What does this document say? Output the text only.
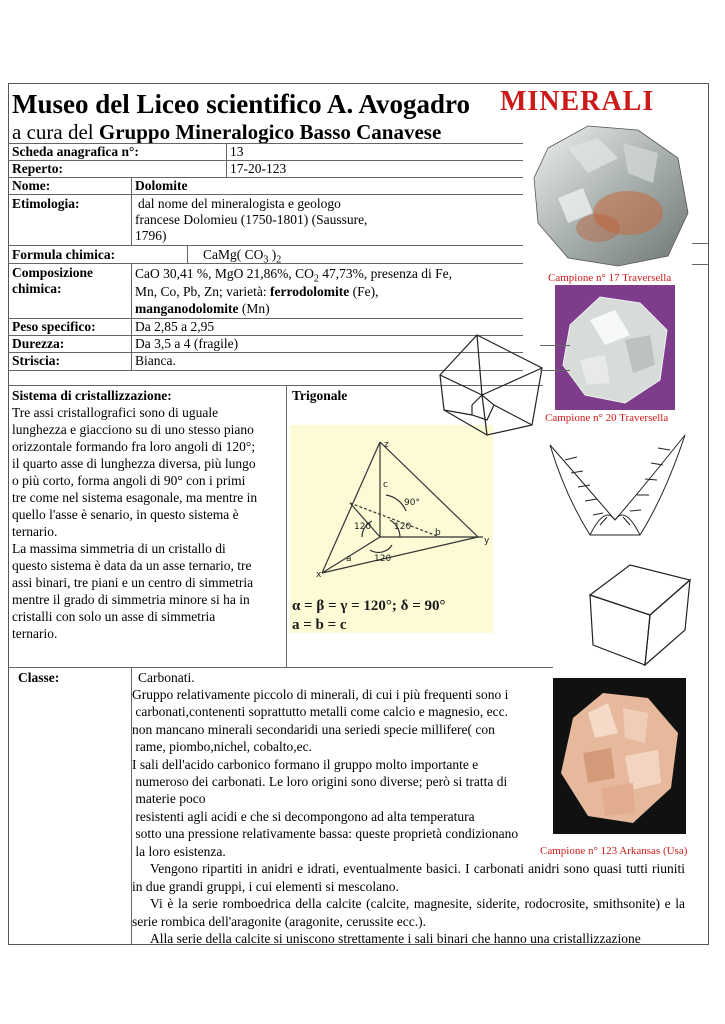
Museo del Liceo scientifico A. Avogadro
a cura del Gruppo Mineralogico Basso Canavese
MINERALI
Scheda anagrafica n°:	13
Reperto:	17-20-123
Nome:	Dolomite
Etimologia:	dal nome del mineralogista e geologo
francese Dolomieu (1750-1801) (Saussure,
1796)
Formula chimica:	CaMg( $CO_3$ )$_2$
Composizione
chimica:
CaO 30,41 %, MgO 21,86%, $CO_2$ 47,73%, presenza di Fe,
Mn, Co, Pb, Zn; varietà: ferrodolomite (Fe),
manganodolomite (Mn)
Peso specifico:	Da 2,85 a 2,95
Durezza:	Da 3,5 a 4 (fragile)
Striscia:	Bianca.
Sistema di cristallizzazione:	Trigonale
Tre assi cristallografici sono di uguale
lunghezza e giacciono su di uno stesso piano
orizzontale formando fra loro angoli di 120°;
il quarto asse di lunghezza diversa, più lungo
o più corto, forma angoli di 90° con i primi
tre come nel sistema esagonale, ma mentre in
quello l'asse è senario, in questo sistema è
ternario.
La massima simmetria di un cristallo di
questo sistema è data da un asse ternario, tre
assi binari, tre piani e un centro di simmetria
mentre il grado di simmetria minore si ha in
cristalli con solo un asse di simmetria
ternario.
z
y
x
c
b
a
90°
120	120
120
α = β = γ = 120°; δ = 90°
a = b = c
Classe:	Carbonati.
Gruppo relativamente piccolo di minerali, di cui i più frequenti sono i
carbonati,contenenti soprattutto metalli come calcio e magnesio, ecc.
non mancano minerali secondaridi una seriedi specie millifere( con
rame, piombo,nichel, cobalto,ec.
I sali dell'acido carbonico formano il gruppo molto importante e
numeroso dei carbonati. Le loro origini sono diverse; però si tratta di
materie poco
resistenti agli acidi e che si decompongono ad alta temperatura
sotto una pressione relativamente bassa: queste proprietà condizionano
la loro esistenza.
Vengono ripartiti in anidri e idrati, eventualmente basici. I carbonati anidri sono quasi tutti riuniti in due grandi gruppi, i cui elementi si mescolano.
Vi è la serie romboedrica della calcite (calcite, magnesite, siderite, rodocrosite, smithsonite) e la serie rombica dell'aragonite (aragonite, cerussite ecc.).
Alla serie della calcite si uniscono strettamente i sali binari che hanno una cristallizzazione
Campione n° 17 Traversella
Campione n° 20 Traversella
Campione n° 123 Arkansas (Usa)
